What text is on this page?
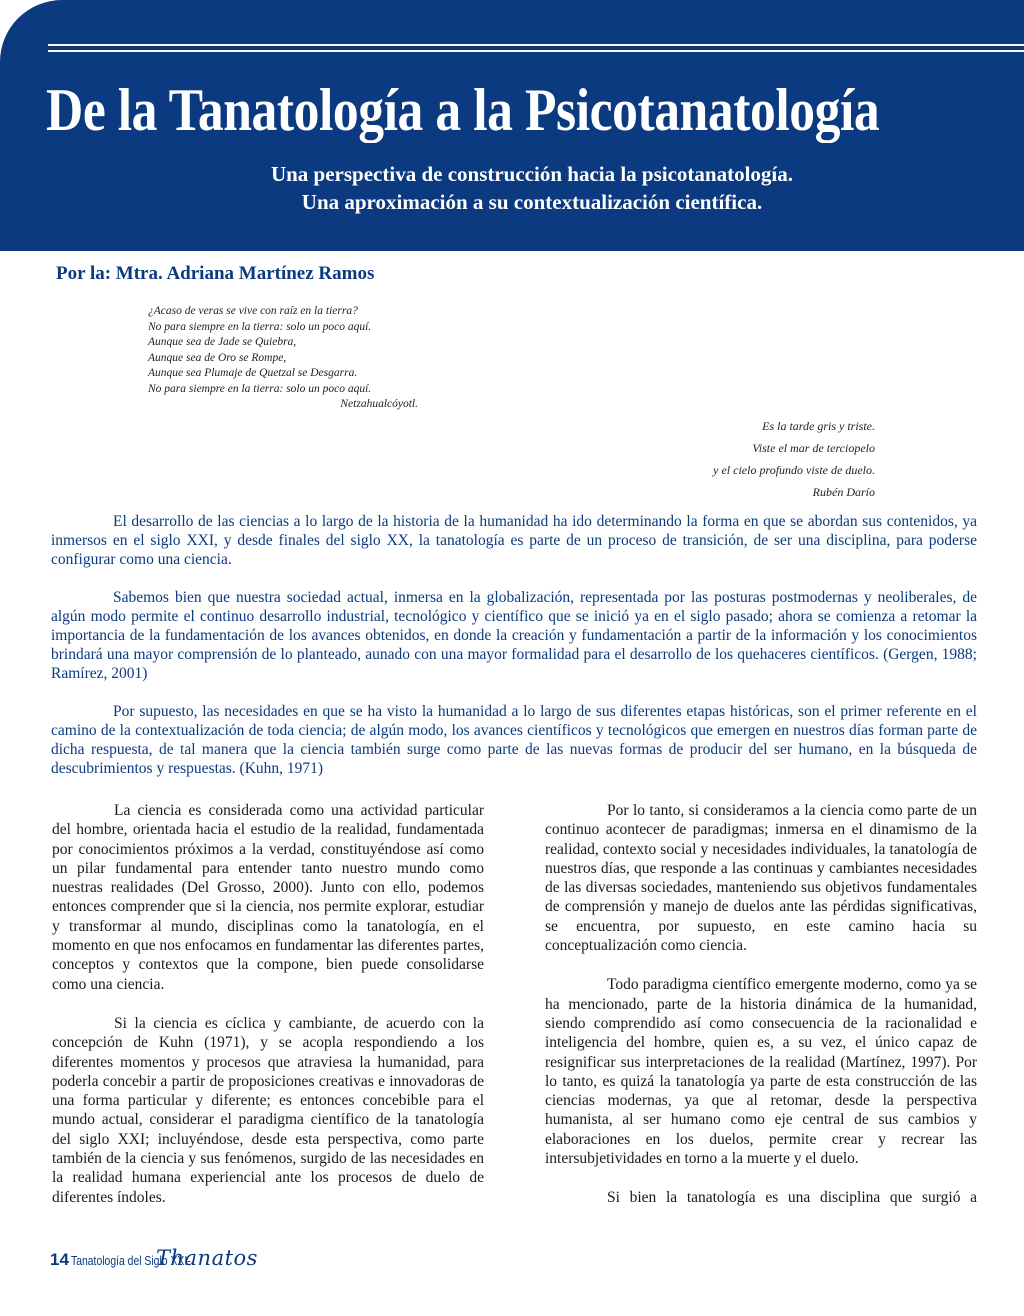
De la Tanatología a la Psicotanatología
Una perspectiva de construcción hacia la psicotanatología.
Una aproximación a su contextualización científica.
Por la: Mtra. Adriana Martínez Ramos
¿Acaso de veras se vive con raíz en la tierra?
No para siempre en la tierra: solo un poco aquí.
Aunque sea de Jade se Quiebra,
Aunque sea de Oro se Rompe,
Aunque sea Plumaje de Quetzal se Desgarra.
No para siempre en la tierra: solo un poco aquí.
Netzahualcóyotl.
Es la tarde gris y triste.
Viste el mar de terciopelo
y el cielo profundo viste de duelo.
Rubén Darío

El desarrollo de las ciencias a lo largo de la historia de la humanidad ha ido determinando la forma en que se abordan sus contenidos, ya inmersos en el siglo XXI, y desde finales del siglo XX, la tanatología es parte de un proceso de transición, de ser una disciplina, para poderse configurar como una ciencia.

Sabemos bien que nuestra sociedad actual, inmersa en la globalización, representada por las posturas postmodernas y neoliberales, de algún modo permite el continuo desarrollo industrial, tecnológico y científico que se inició ya en el siglo pasado; ahora se comienza a retomar la importancia de la fundamentación de los avances obtenidos, en donde la creación y fundamentación a partir de la información y los conocimientos brindará una mayor comprensión de lo planteado, aunado con una mayor formalidad para el desarrollo de los quehaceres científicos. (Gergen, 1988; Ramírez, 2001)

Por supuesto, las necesidades en que se ha visto la humanidad a lo largo de sus diferentes etapas históricas, son el primer referente en el camino de la contextualización de toda ciencia; de algún modo, los avances científicos y tecnológicos que emergen en nuestros días forman parte de dicha respuesta, de tal manera que la ciencia también surge como parte de las nuevas formas de producir del ser humano, en la búsqueda de descubrimientos y respuestas. (Kuhn, 1971)

La ciencia es considerada como una actividad particular del hombre, orientada hacia el estudio de la realidad, fundamentada por conocimientos próximos a la verdad, constituyéndose así como un pilar fundamental para entender tanto nuestro mundo como nuestras realidades (Del Grosso, 2000). Junto con ello, podemos entonces comprender que si la ciencia, nos permite explorar, estudiar y transformar al mundo, disciplinas como la tanatología, en el momento en que nos enfocamos en fundamentar las diferentes partes, conceptos y contextos que la compone, bien puede consolidarse como una ciencia.

Si la ciencia es cíclica y cambiante, de acuerdo con la concepción de Kuhn (1971), y se acopla respondiendo a los diferentes momentos y procesos que atraviesa la humanidad, para poderla concebir a partir de proposiciones creativas e innovadoras de una forma particular y diferente; es entonces concebible para el mundo actual, considerar el paradigma científico de la tanatología del siglo XXI; incluyéndose, desde esta perspectiva, como parte también de la ciencia y sus fenómenos, surgido de las necesidades en la realidad humana experiencial ante los procesos de duelo de diferentes índoles.

Por lo tanto, si consideramos a la ciencia como parte de un continuo acontecer de paradigmas; inmersa en el dinamismo de la realidad, contexto social y necesidades individuales, la tanatología de nuestros días, que responde a las continuas y cambiantes necesidades de las diversas sociedades, manteniendo sus objetivos fundamentales de comprensión y manejo de duelos ante las pérdidas significativas, se encuentra, por supuesto, en este camino hacia su conceptualización como ciencia.

Todo paradigma científico emergente moderno, como ya se ha mencionado, parte de la historia dinámica de la humanidad, siendo comprendido así como consecuencia de la racionalidad e inteligencia del hombre, quien es, a su vez, el único capaz de resignificar sus interpretaciones de la realidad (Martínez, 1997). Por lo tanto, es quizá la tanatología ya parte de esta construcción de las ciencias modernas, ya que al retomar, desde la perspectiva humanista, al ser humano como eje central de sus cambios y elaboraciones en los duelos, permite crear y recrear las intersubjetividades en torno a la muerte y el duelo.

Si bien la tanatología es una disciplina que surgió a

14 Tanatología del Siglo XXI-
Thanatos
